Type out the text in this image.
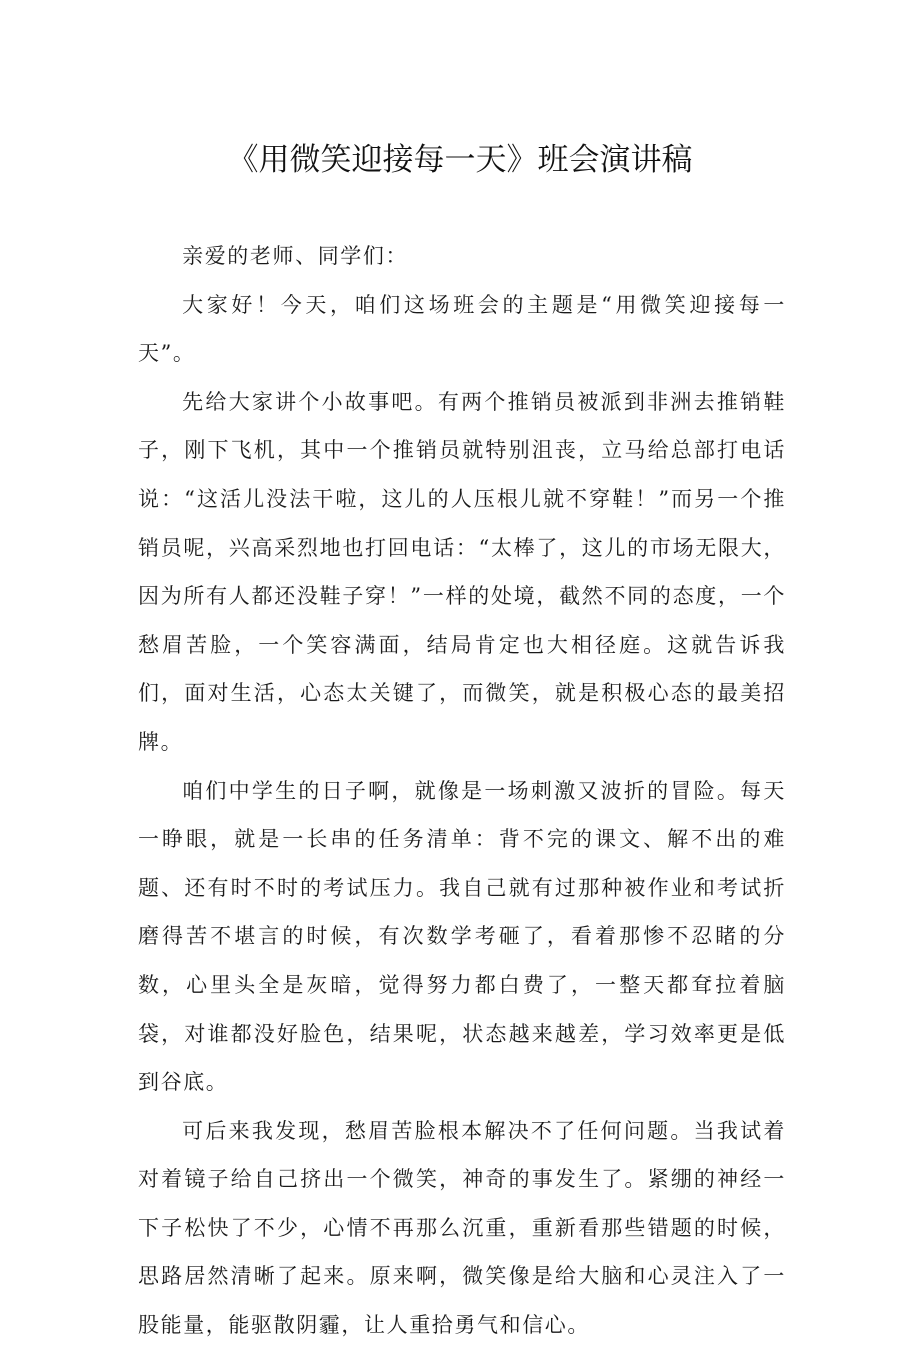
《用微笑迎接每一天》班会演讲稿

亲爱的老师、同学们：

大家好！今天，咱们这场班会的主题是“用微笑迎接每一天”。

先给大家讲个小故事吧。有两个推销员被派到非洲去推销鞋子，刚下飞机，其中一个推销员就特别沮丧，立马给总部打电话说：“这活儿没法干啦，这儿的人压根儿就不穿鞋！”而另一个推销员呢，兴高采烈地也打回电话：“太棒了，这儿的市场无限大，因为所有人都还没鞋子穿！”一样的处境，截然不同的态度，一个愁眉苦脸，一个笑容满面，结局肯定也大相径庭。这就告诉我们，面对生活，心态太关键了，而微笑，就是积极心态的最美招牌。

咱们中学生的日子啊，就像是一场刺激又波折的冒险。每天一睁眼，就是一长串的任务清单：背不完的课文、解不出的难题、还有时不时的考试压力。我自己就有过那种被作业和考试折磨得苦不堪言的时候，有次数学考砸了，看着那惨不忍睹的分数，心里头全是灰暗，觉得努力都白费了，一整天都耷拉着脑袋，对谁都没好脸色，结果呢，状态越来越差，学习效率更是低到谷底。

可后来我发现，愁眉苦脸根本解决不了任何问题。当我试着对着镜子给自己挤出一个微笑，神奇的事发生了。紧绷的神经一下子松快了不少，心情不再那么沉重，重新看那些错题的时候，思路居然清晰了起来。原来啊，微笑像是给大脑和心灵注入了一股能量，能驱散阴霾，让人重拾勇气和信心。
